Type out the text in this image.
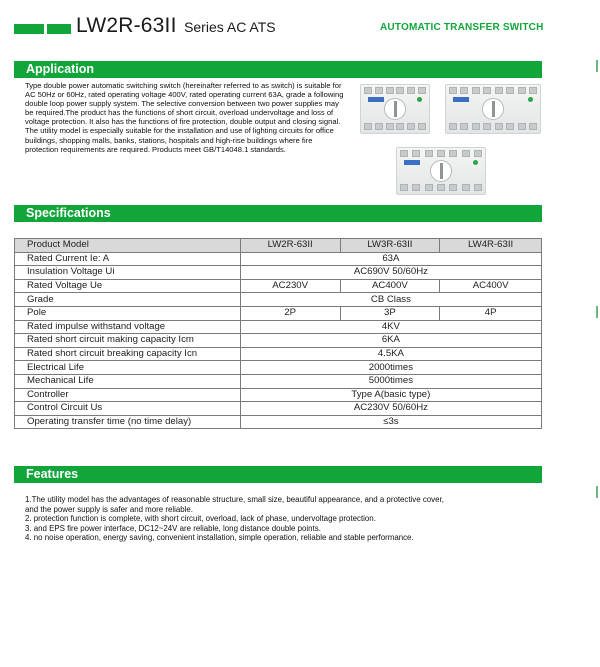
LW2R-63II Series AC ATS	AUTOMATIC TRANSFER SWITCH
Application
Type double power automatic switching switch (hereinafter referred to as switch) is suitable for AC 50Hz or 60Hz, rated operating voltage 400V, rated operating current 63A, grade a following double loop power supply system. The selective conversion between two power supplies may be required.The product has the functions of short circuit, overload undervoltage and loss of voltage protection. It also has the functions of fire protection, double output and closing signal. The utility model is especially suitable for the installation and use of lighting circuits for office buildings, shopping malls, banks, stations, hospitals and high-rise buildings where fire protection requirements are required. Products meet GB/T14048.1 standards.
Specifications
Product Model	LW2R-63II	LW3R-63II	LW4R-63II
Rated Current Ie: A	63A		
Insulation Voltage Ui	AC690V 50/60Hz		
Rated Voltage Ue	AC230V	AC400V	AC400V
Grade	CB Class		
Pole	2P	3P	4P
Rated impulse withstand voltage	4KV		
Rated short circuit making capacity Icm	6KA		
Rated short circuit breaking capacity Icn	4.5KA		
Electrical Life	2000times		
Mechanical Life	5000times		
Controller	Type A(basic type)		
Control Circuit Us	AC230V 50/60Hz		
Operating transfer time (no time delay)	≤3s		
Features

1.The utility model has the advantages of reasonable structure, small size, beautiful appearance, and a protective cover, and the power supply is safer and more reliable.

2. protection function is complete, with short circuit, overload, lack of phase, undervoltage protection.

3. and EPS fire power interface, DC12~24V are reliable, long distance double points.

4. no noise operation, energy saving, convenient installation, simple operation, reliable and stable performance.
